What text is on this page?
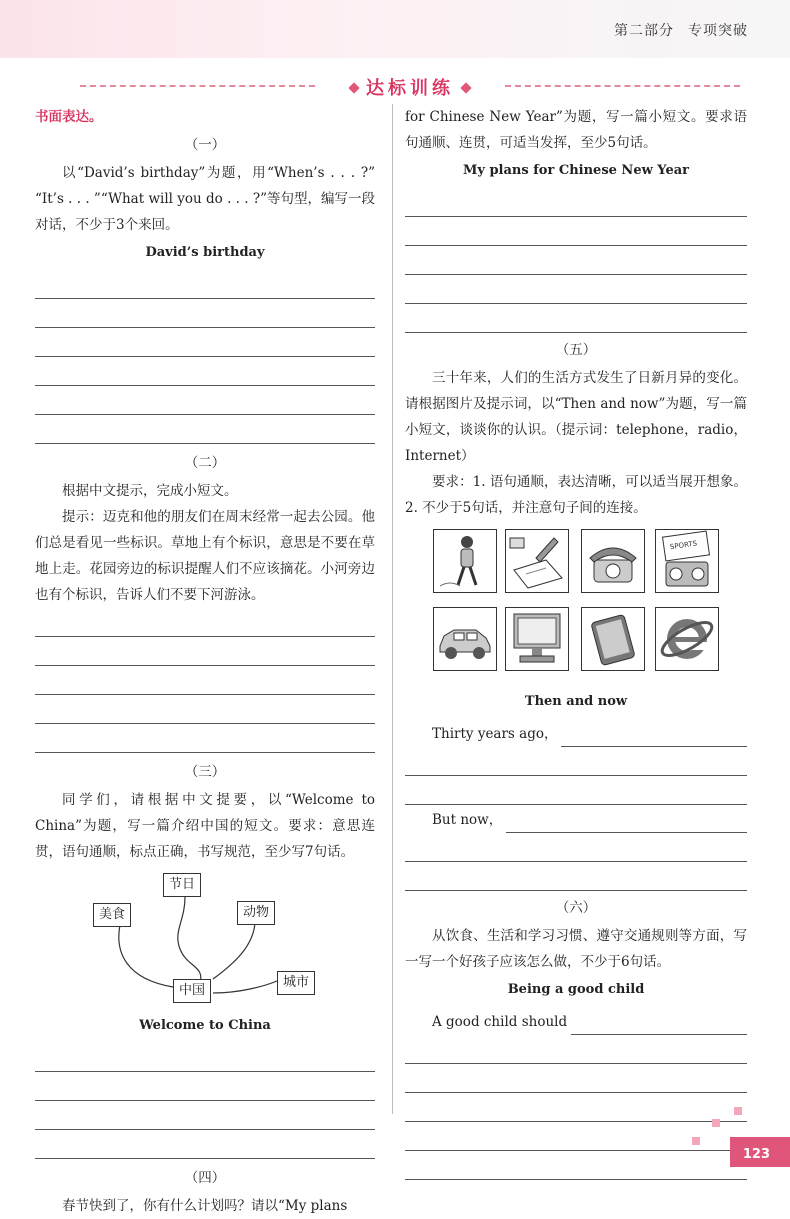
第二部分 专项突破
达标训练
书面表达。
（一）

以“David’s birthday”为题，用“When’s . . . ?” “It’s . . . ”“What will you do . . . ?”等句型，编写一段对话，不少于3个来回。

David’s birthday
（二）

根据中文提示，完成小短文。

提示：迈克和他的朋友们在周末经常一起去公园。他们总是看见一些标识。草地上有个标识，意思是不要在草地上走。花园旁边的标识提醒人们不应该摘花。小河旁边也有个标识，告诉人们不要下河游泳。

（三）

同学们，请根据中文提要，以“Welcome to China”为题，写一篇介绍中国的短文。要求：意思连贯，语句通顺，标点正确，书写规范，至少写7句话。

节日
美食	动物
中国
城市
Welcome to China
（四）

春节快到了，你有什么计划吗？请以“My plans

for Chinese New Year”为题，写一篇小短文。要求语句通顺、连贯，可适当发挥，至少5句话。

My plans for Chinese New Year
（五）

三十年来，人们的生活方式发生了日新月异的变化。请根据图片及提示词，以“Then and now”为题，写一篇小短文，谈谈你的认识。（提示词：telephone，radio，Internet）

要求：1. 语句通顺，表达清晰，可以适当展开想象。2. 不少于5句话，并注意句子间的连接。

SPORTS
Then and now
Thirty years ago，
But now，
（六）

从饮食、生活和学习习惯、遵守交通规则等方面，写一写一个好孩子应该怎么做，不少于6句话。

Being a good child
A good child should
123
